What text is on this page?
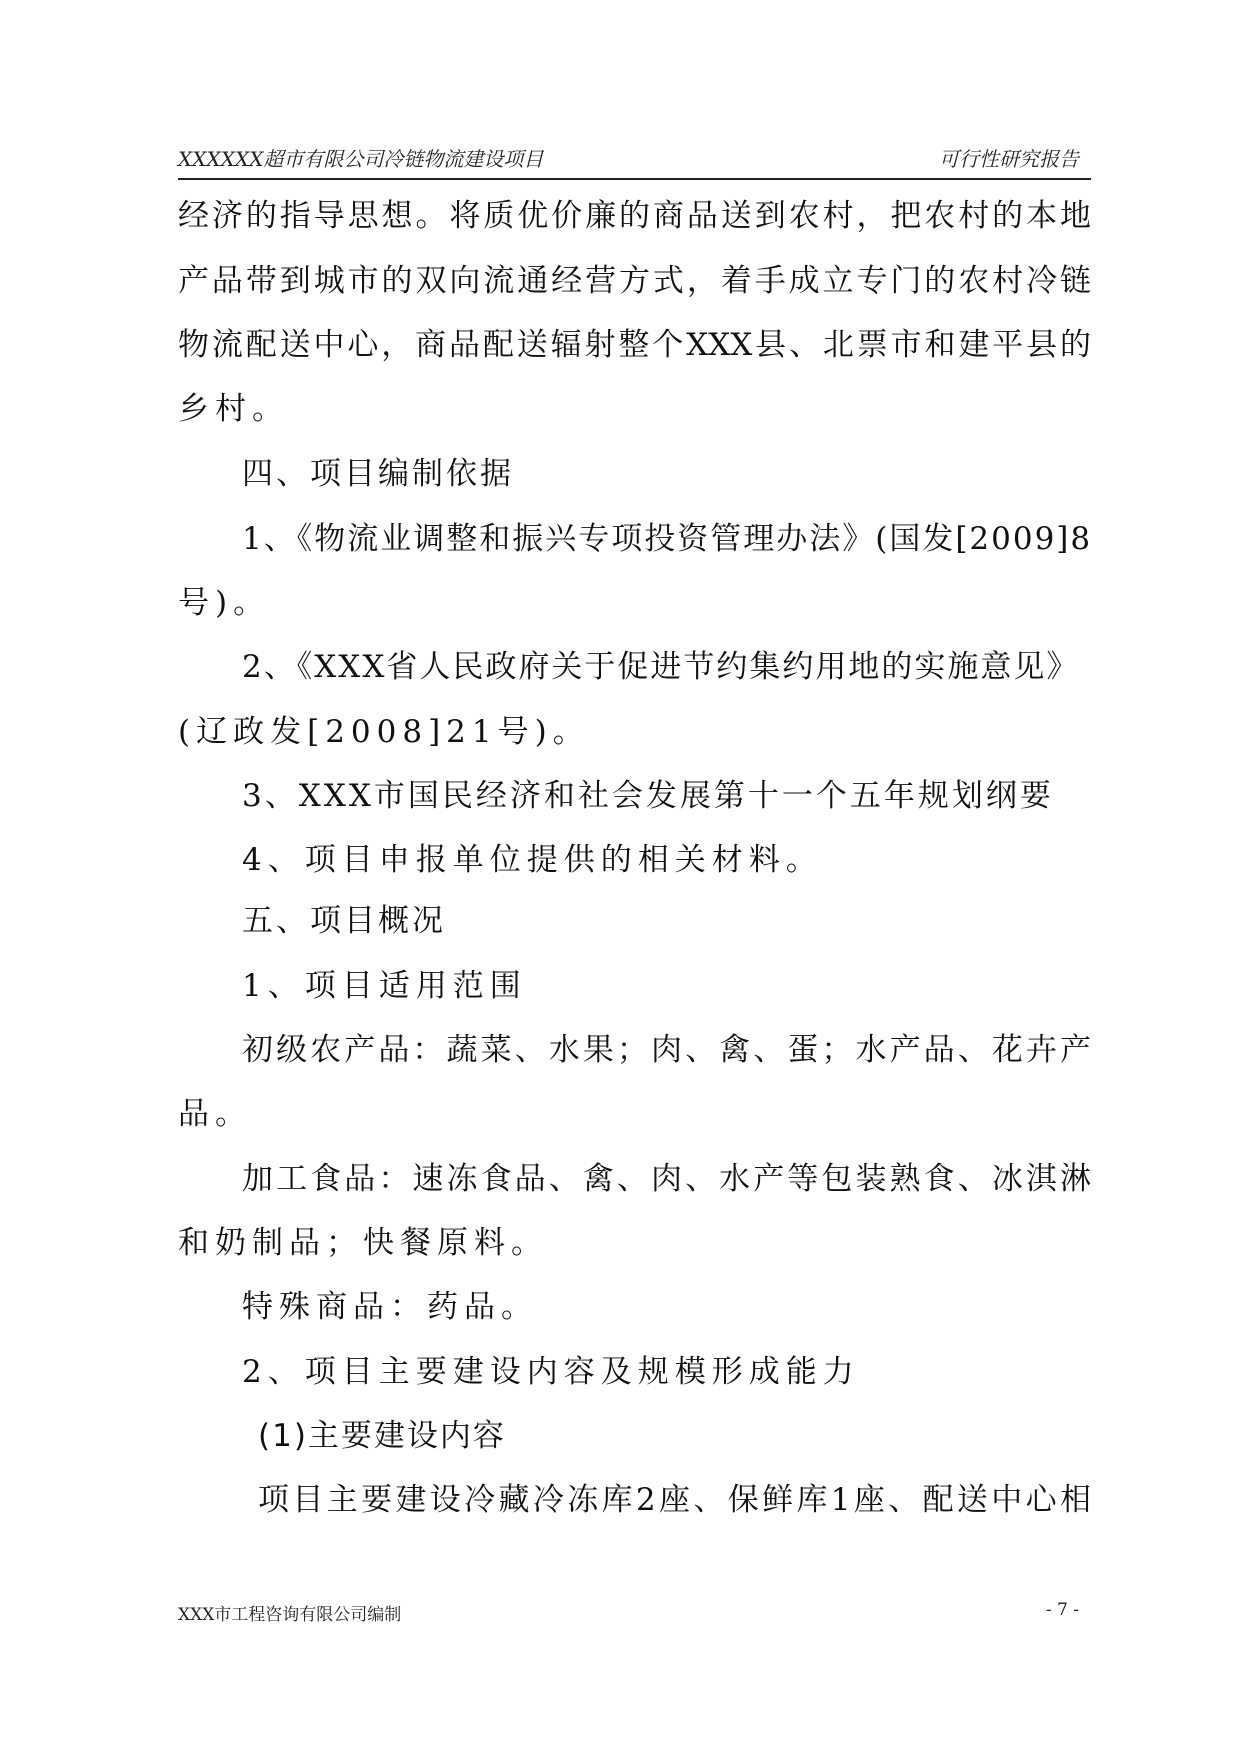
XXXXXX超市有限公司冷链物流建设项目	可行性研究报告
经济的指导思想。将质优价廉的商品送到农村，把农村的本地
产品带到城市的双向流通经营方式，着手成立专门的农村冷链
物流配送中心，商品配送辐射整个XXX县、北票市和建平县的
乡村。
四、项目编制依据
1、《物流业调整和振兴专项投资管理办法》(国发[2009]8
号)。
2、《XXX省人民政府关于促进节约集约用地的实施意见》
(辽政发[2008]21号)。
3、XXX市国民经济和社会发展第十一个五年规划纲要
4、项目申报单位提供的相关材料。
五、项目概况
1、项目适用范围
初级农产品：蔬菜、水果；肉、禽、蛋；水产品、花卉产
品。
加工食品：速冻食品、禽、肉、水产等包装熟食、冰淇淋
和奶制品；快餐原料。
特殊商品：药品。
2、项目主要建设内容及规模形成能力
(1)主要建设内容
项目主要建设冷藏冷冻库2座、保鲜库1座、配送中心相
XXX市工程咨询有限公司编制	- 7 -
